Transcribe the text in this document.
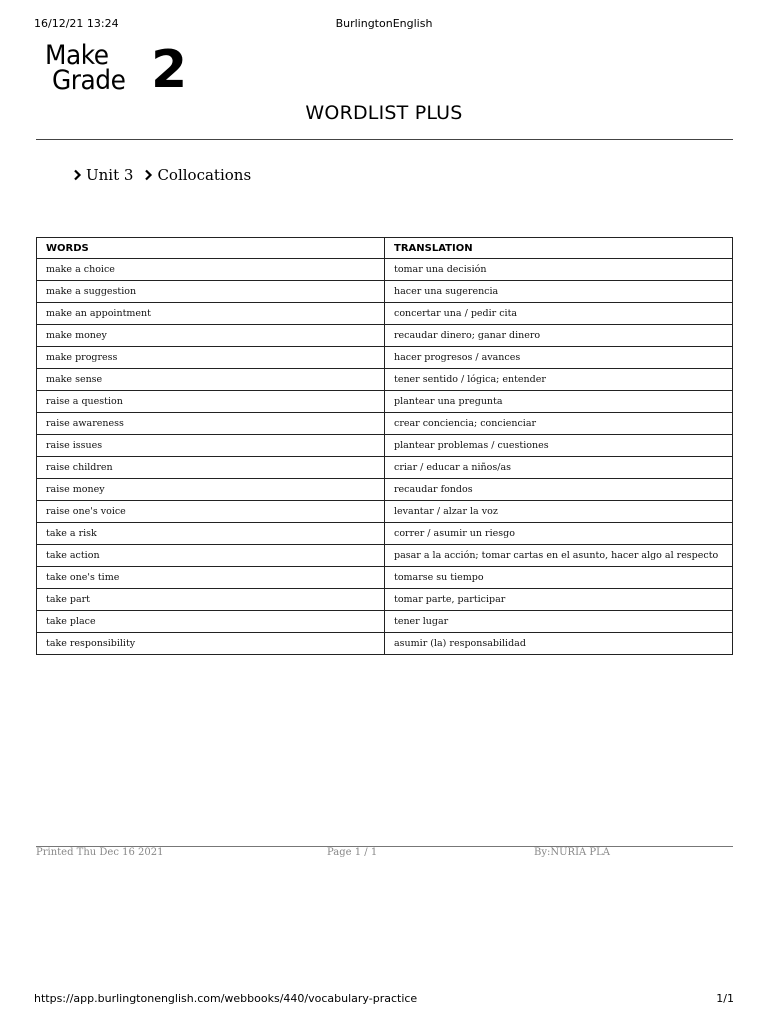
16/12/21 13:24	BurlingtonEnglish
Make
Grade 2
WORDLIST PLUS
Unit 3 Collocations
WORDS	TRANSLATION
make a choice	tomar una decisión
make a suggestion	hacer una sugerencia
make an appointment	concertar una / pedir cita
make money	recaudar dinero; ganar dinero
make progress	hacer progresos / avances
make sense	tener sentido / lógica; entender
raise a question	plantear una pregunta
raise awareness	crear conciencia; concienciar
raise issues	plantear problemas / cuestiones
raise children	criar / educar a niños/as
raise money	recaudar fondos
raise one's voice	levantar / alzar la voz
take a risk	correr / asumir un riesgo
take action	pasar a la acción; tomar cartas en el asunto, hacer algo al respecto
take one's time	tomarse su tiempo
take part	tomar parte, participar
take place	tener lugar
take responsibility	asumir (la) responsabilidad
Printed Thu Dec 16 2021	Page 1 / 1	By:NURIA PLA
https://app.burlingtonenglish.com/webbooks/440/vocabulary-practice	1/1
